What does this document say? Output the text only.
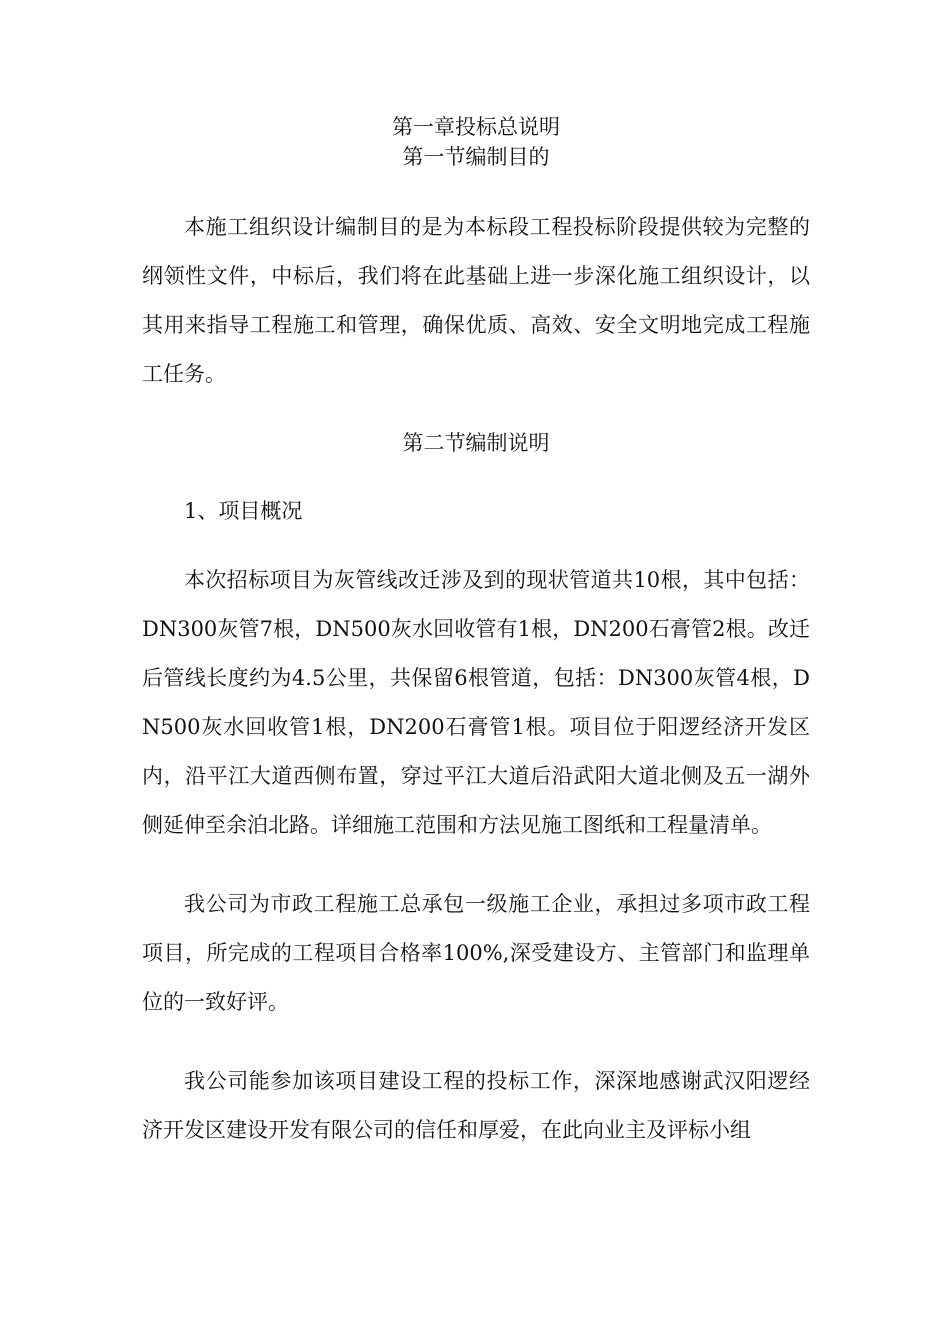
第一章投标总说明
第一节编制目的

本施工组织设计编制目的是为本标段工程投标阶段提供较为完整的纲领性文件，中标后，我们将在此基础上进一步深化施工组织设计，以其用来指导工程施工和管理，确保优质、高效、安全文明地完成工程施工任务。

第二节编制说明
1、项目概况

本次招标项目为灰管线改迁涉及到的现状管道共10根，其中包括：DN300灰管7根，DN500灰水回收管有1根，DN200石膏管2根。改迁后管线长度约为4.5公里，共保留6根管道，包括：DN300灰管4根，DN500灰水回收管1根，DN200石膏管1根。项目位于阳逻经济开发区内，沿平江大道西侧布置，穿过平江大道后沿武阳大道北侧及五一湖外侧延伸至余泊北路。详细施工范围和方法见施工图纸和工程量清单。

我公司为市政工程施工总承包一级施工企业，承担过多项市政工程项目，所完成的工程项目合格率100%,深受建设方、主管部门和监理单位的一致好评。

我公司能参加该项目建设工程的投标工作，深深地感谢武汉阳逻经济开发区建设开发有限公司的信任和厚爱，在此向业主及评标小组
